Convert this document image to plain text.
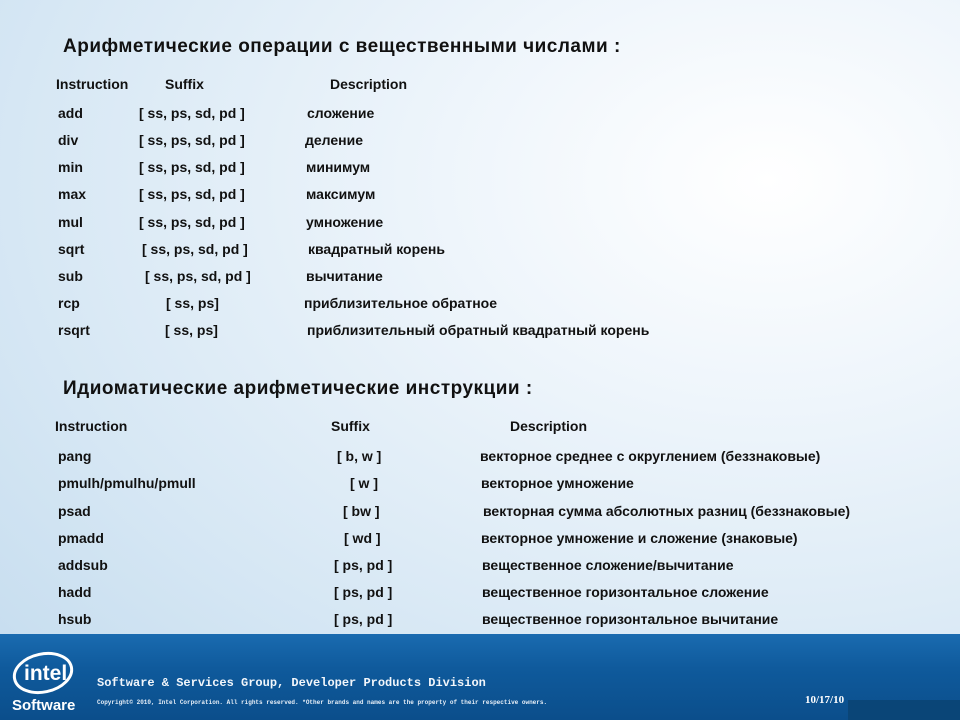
Арифметические операции с вещественными числами :
Instruction	Suffix	Description
add	[ ss, ps, sd, pd ]	сложение
div	[ ss, ps, sd, pd ]	деление
min	[ ss, ps, sd, pd ]	минимум
max	[ ss, ps, sd, pd ]	максимум
mul	[ ss, ps, sd, pd ]	умножение
sqrt	[ ss, ps, sd, pd ]	квадратный корень
sub	[ ss, ps, sd, pd ]	вычитание
rcp	[ ss, ps]	приблизительное обратное
rsqrt	[ ss, ps]	приблизительный обратный квадратный корень
Идиоматические арифметические инструкции :
Instruction	Suffix	Description
pang	[ b, w ]	векторное среднее с округлением (беззнаковые)
pmulh/pmulhu/pmull	[ w ]	векторное умножение
psad	[ bw ]	векторная сумма абсолютных разниц (беззнаковые)
pmadd	[ wd ]	векторное умножение и сложение (знаковые)
addsub	[ ps, pd ]	вещественное сложение/вычитание
hadd	[ ps, pd ]	вещественное горизонтальное сложение
hsub	[ ps, pd ]	вещественное горизонтальное вычитание
intel
Software
Software & Services Group, Developer Products Division
Copyright© 2010, Intel Corporation. All rights reserved. *Other brands and names are the property of their respective owners.	10/17/10
